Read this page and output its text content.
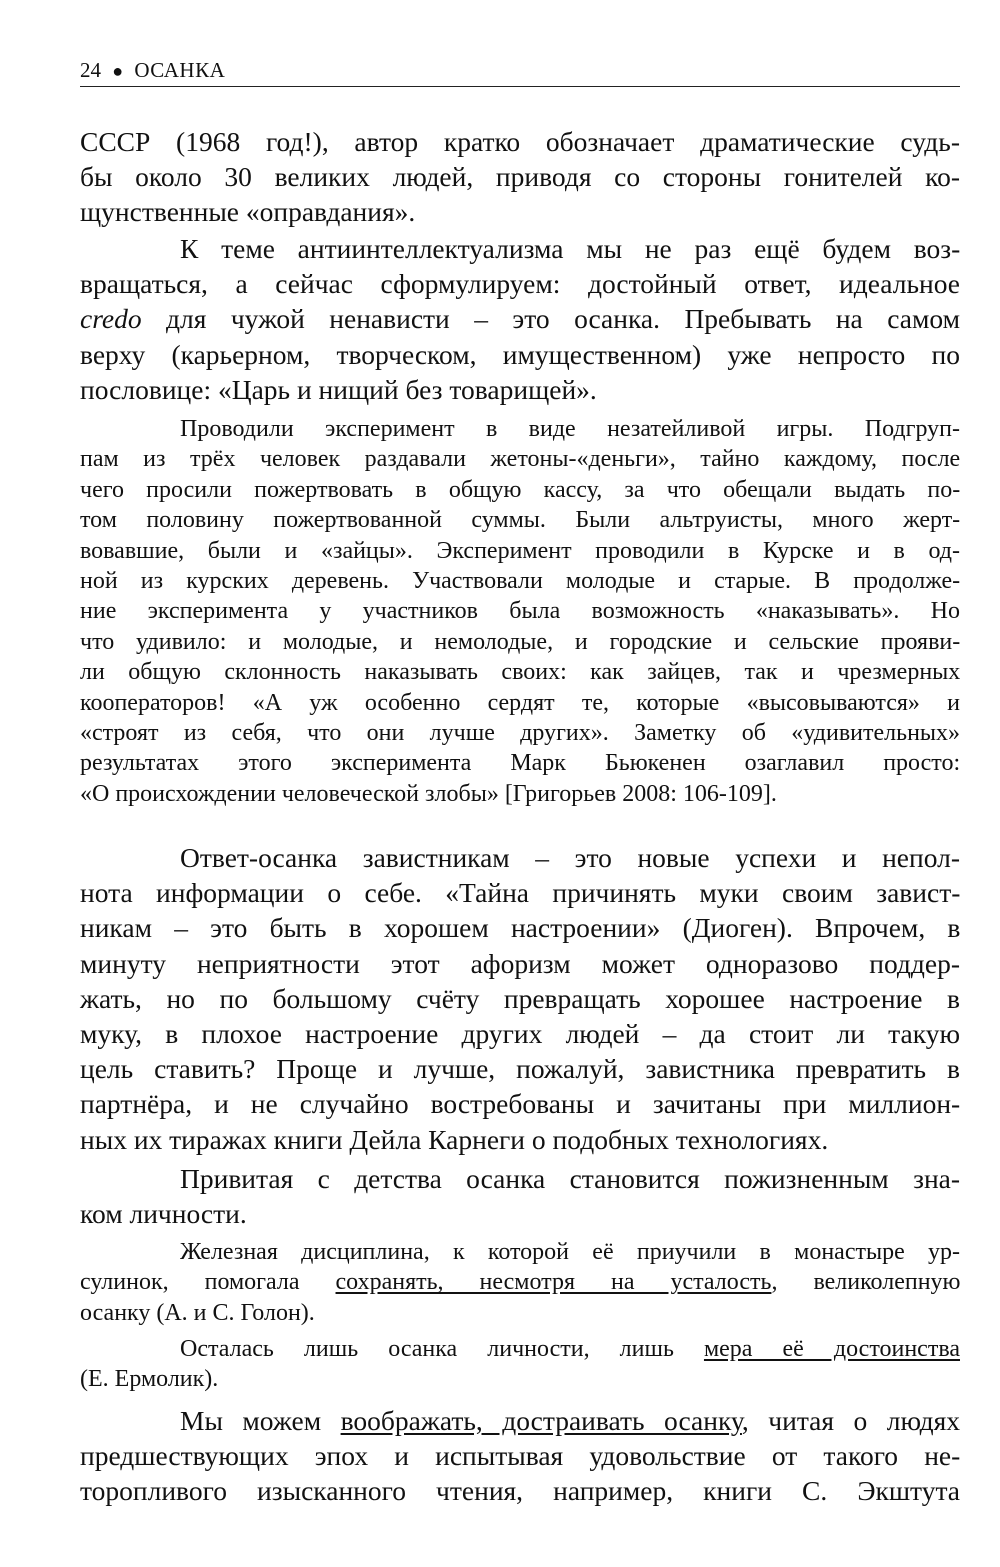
24 ● ОСАНКА
СССР (1968 год!), автор кратко обозначает драматические судь-
бы около 30 великих людей, приводя со стороны гонителей ко-
щунственные «оправдания».
К теме антиинтеллектуализма мы не раз ещё будем воз-
вращаться, а сейчас сформулируем: достойный ответ, идеальное
credo для чужой ненависти – это осанка. Пребывать на самом
верху (карьерном, творческом, имущественном) уже непросто по
пословице: «Царь и нищий без товарищей».
Проводили эксперимент в виде незатейливой игры. Подгруп-
пам из трёх человек раздавали жетоны-«деньги», тайно каждому, после
чего просили пожертвовать в общую кассу, за что обещали выдать по-
том половину пожертвованной суммы. Были альтруисты, много жерт-
вовавшие, были и «зайцы». Эксперимент проводили в Курске и в од-
ной из курских деревень. Участвовали молодые и старые. В продолже-
ние эксперимента у участников была возможность «наказывать». Но
что удивило: и молодые, и немолодые, и городские и сельские прояви-
ли общую склонность наказывать своих: как зайцев, так и чрезмерных
кооператоров! «А уж особенно сердят те, которые «высовываются» и
«строят из себя, что они лучше других». Заметку об «удивительных»
результатах этого эксперимента Марк Бьюкенен озаглавил просто:
«О происхождении человеческой злобы» [Григорьев 2008: 106-109].
Ответ-осанка завистникам – это новые успехи и непол-
нота информации о себе. «Тайна причинять муки своим завист-
никам – это быть в хорошем настроении» (Диоген). Впрочем, в
минуту неприятности этот афоризм может одноразово поддер-
жать, но по большому счёту превращать хорошее настроение в
муку, в плохое настроение других людей – да стоит ли такую
цель ставить? Проще и лучше, пожалуй, завистника превратить в
партнёра, и не случайно востребованы и зачитаны при миллион-
ных их тиражах книги Дейла Карнеги о подобных технологиях.
Привитая с детства осанка становится пожизненным зна-
ком личности.
Железная дисциплина, к которой её приучили в монастыре ур-
сулинок, помогала сохранять, несмотря на усталость, великолепную
осанку (А. и С. Голон).
Осталась лишь осанка личности, лишь мера её достоинства
(Е. Ермолик).
Мы можем воображать, достраивать осанку, читая о людях
предшествующих эпох и испытывая удовольствие от такого не-
торопливого изысканного чтения, например, книги С. Экштута
